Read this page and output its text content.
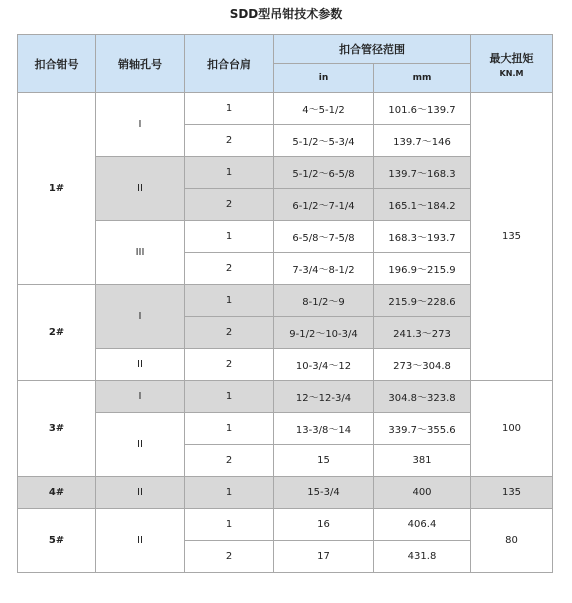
SDD型吊钳技术参数
扣合钳号	销轴孔号	扣合台肩	扣合管径范围		最大扭矩
KN.M

			in	mm	
1#	I	1	4～5-1/2	101.6～139.7	135
		2	5-1/2～5-3/4	139.7～146	
	II	1	5-1/2～6-5/8	139.7～168.3	
		2	6-1/2～7-1/4	165.1～184.2	
	III	1	6-5/8～7-5/8	168.3～193.7	
		2	7-3/4～8-1/2	196.9～215.9	
2#	I	1	8-1/2～9	215.9～228.6	
		2	9-1/2～10-3/4	241.3～273	
	II	2	10-3/4～12	273～304.8	
3#	I	1	12～12-3/4	304.8～323.8	100
	II	1	13-3/8～14	339.7～355.6	
		2	15	381	
4#	II	1	15-3/4	400	135
5#	II	1	16	406.4	80
		2	17	431.8	
